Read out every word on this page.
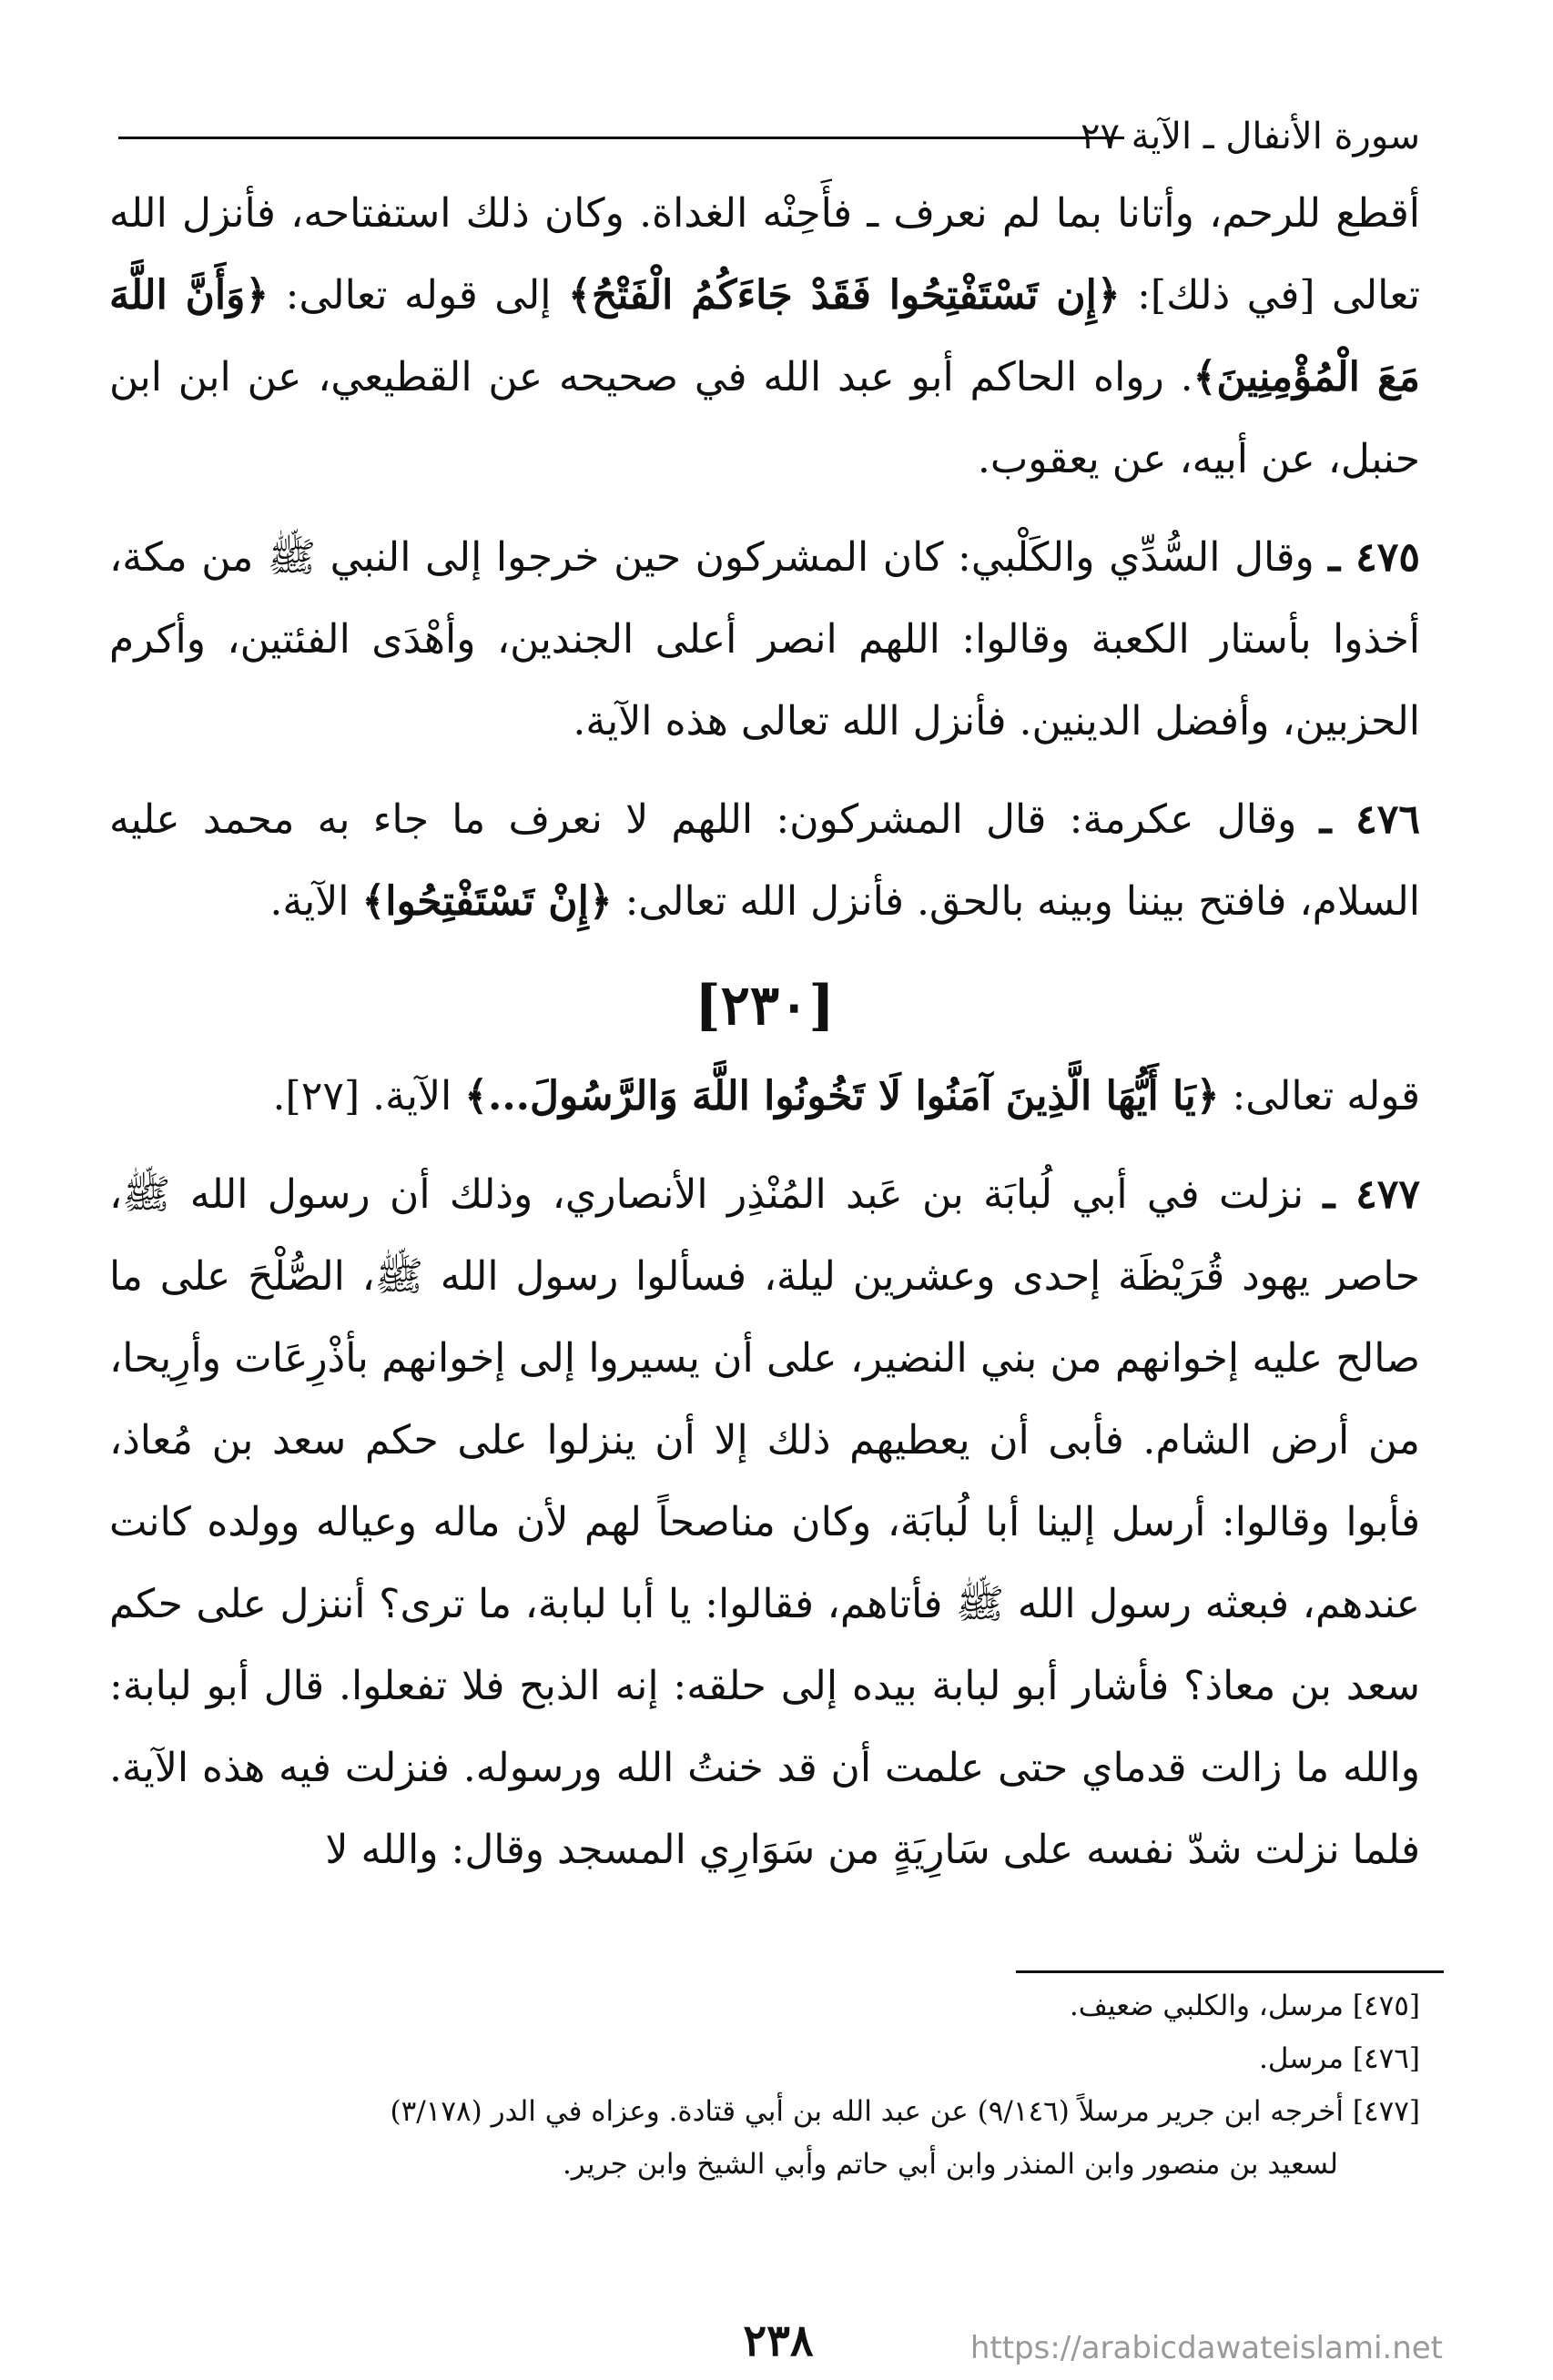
سورة الأنفال ـ الآية ٢٧

أقطع للرحم، وأتانا بما لم نعرف ـ فأَحِنْه الغداة. وكان ذلك استفتاحه، فأنزل الله تعالى [في ذلك]: ﴿إِن تَسْتَفْتِحُوا فَقَدْ جَاءَكُمُ الْفَتْحُ﴾ إلى قوله تعالى: ﴿وَأَنَّ اللَّهَ مَعَ الْمُؤْمِنِينَ﴾. رواه الحاكم أبو عبد الله في صحيحه عن القطيعي، عن ابن ابن حنبل، عن أبيه، عن يعقوب.

٤٧٥ ـ وقال السُّدِّي والكَلْبي: كان المشركون حين خرجوا إلى النبي ﷺ من مكة، أخذوا بأستار الكعبة وقالوا: اللهم انصر أعلى الجندين، وأهْدَى الفئتين، وأكرم الحزبين، وأفضل الدينين. فأنزل الله تعالى هذه الآية.

٤٧٦ ـ وقال عكرمة: قال المشركون: اللهم لا نعرف ما جاء به محمد عليه السلام، فافتح بيننا وبينه بالحق. فأنزل الله تعالى: ﴿إِنْ تَسْتَفْتِحُوا﴾ الآية.

[٢٣٠]

قوله تعالى: ﴿يَا أَيُّهَا الَّذِينَ آمَنُوا لَا تَخُونُوا اللَّهَ وَالرَّسُولَ...﴾ الآية. [٢٧].

٤٧٧ ـ نزلت في أبي لُبابَة بن عَبد المُنْذِر الأنصاري، وذلك أن رسول الله ﷺ، حاصر يهود قُرَيْظَة إحدى وعشرين ليلة، فسألوا رسول الله ﷺ، الصُّلْحَ على ما صالح عليه إخوانهم من بني النضير، على أن يسيروا إلى إخوانهم بأذْرِعَات وأرِيحا، من أرض الشام. فأبى أن يعطيهم ذلك إلا أن ينزلوا على حكم سعد بن مُعاذ، فأبوا وقالوا: أرسل إلينا أبا لُبابَة، وكان مناصحاً لهم لأن ماله وعياله وولده كانت عندهم، فبعثه رسول الله ﷺ فأتاهم، فقالوا: يا أبا لبابة، ما ترى؟ أننزل على حكم سعد بن معاذ؟ فأشار أبو لبابة بيده إلى حلقه: إنه الذبح فلا تفعلوا. قال أبو لبابة: والله ما زالت قدماي حتى علمت أن قد خنتُ الله ورسوله. فنزلت فيه هذه الآية. فلما نزلت شدّ نفسه على سَارِيَةٍ من سَوَارِي المسجد وقال: والله لا

[٤٧٥] مرسل، والكلبي ضعيف.

[٤٧٦] مرسل.

[٤٧٧] أخرجه ابن جرير مرسلاً (٩/١٤٦) عن عبد الله بن أبي قتادة. وعزاه في الدر (٣/١٧٨)

لسعيد بن منصور وابن المنذر وابن أبي حاتم وأبي الشيخ وابن جرير.

٢٣٨	https://arabicdawateislami.net
